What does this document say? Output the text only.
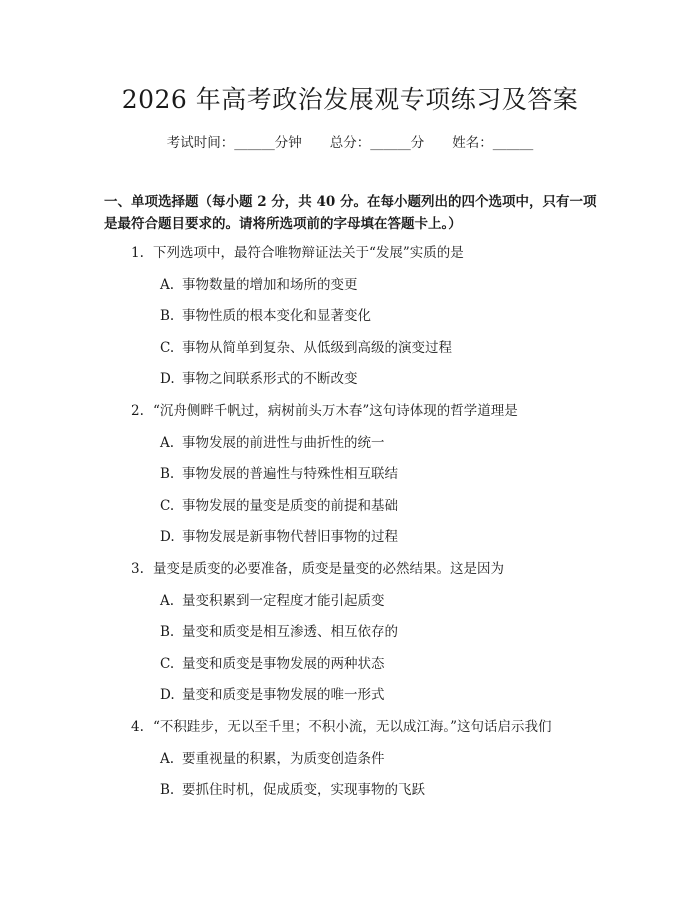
2026 年高考政治发展观专项练习及答案
考试时间：______分钟 总分：______分 姓名：______
一、单项选择题（每小题 2 分，共 40 分。在每小题列出的四个选项中，只有一项
是最符合题目要求的。请将所选项前的字母填在答题卡上。）
1. 下列选项中，最符合唯物辩证法关于“发展”实质的是
A. 事物数量的增加和场所的变更
B. 事物性质的根本变化和显著变化
C. 事物从简单到复杂、从低级到高级的演变过程
D. 事物之间联系形式的不断改变
2. “沉舟侧畔千帆过，病树前头万木春”这句诗体现的哲学道理是
A. 事物发展的前进性与曲折性的统一
B. 事物发展的普遍性与特殊性相互联结
C. 事物发展的量变是质变的前提和基础
D. 事物发展是新事物代替旧事物的过程
3. 量变是质变的必要准备，质变是量变的必然结果。这是因为
A. 量变积累到一定程度才能引起质变
B. 量变和质变是相互渗透、相互依存的
C. 量变和质变是事物发展的两种状态
D. 量变和质变是事物发展的唯一形式
4. “不积跬步，无以至千里；不积小流，无以成江海。”这句话启示我们
A. 要重视量的积累，为质变创造条件
B. 要抓住时机，促成质变，实现事物的飞跃
